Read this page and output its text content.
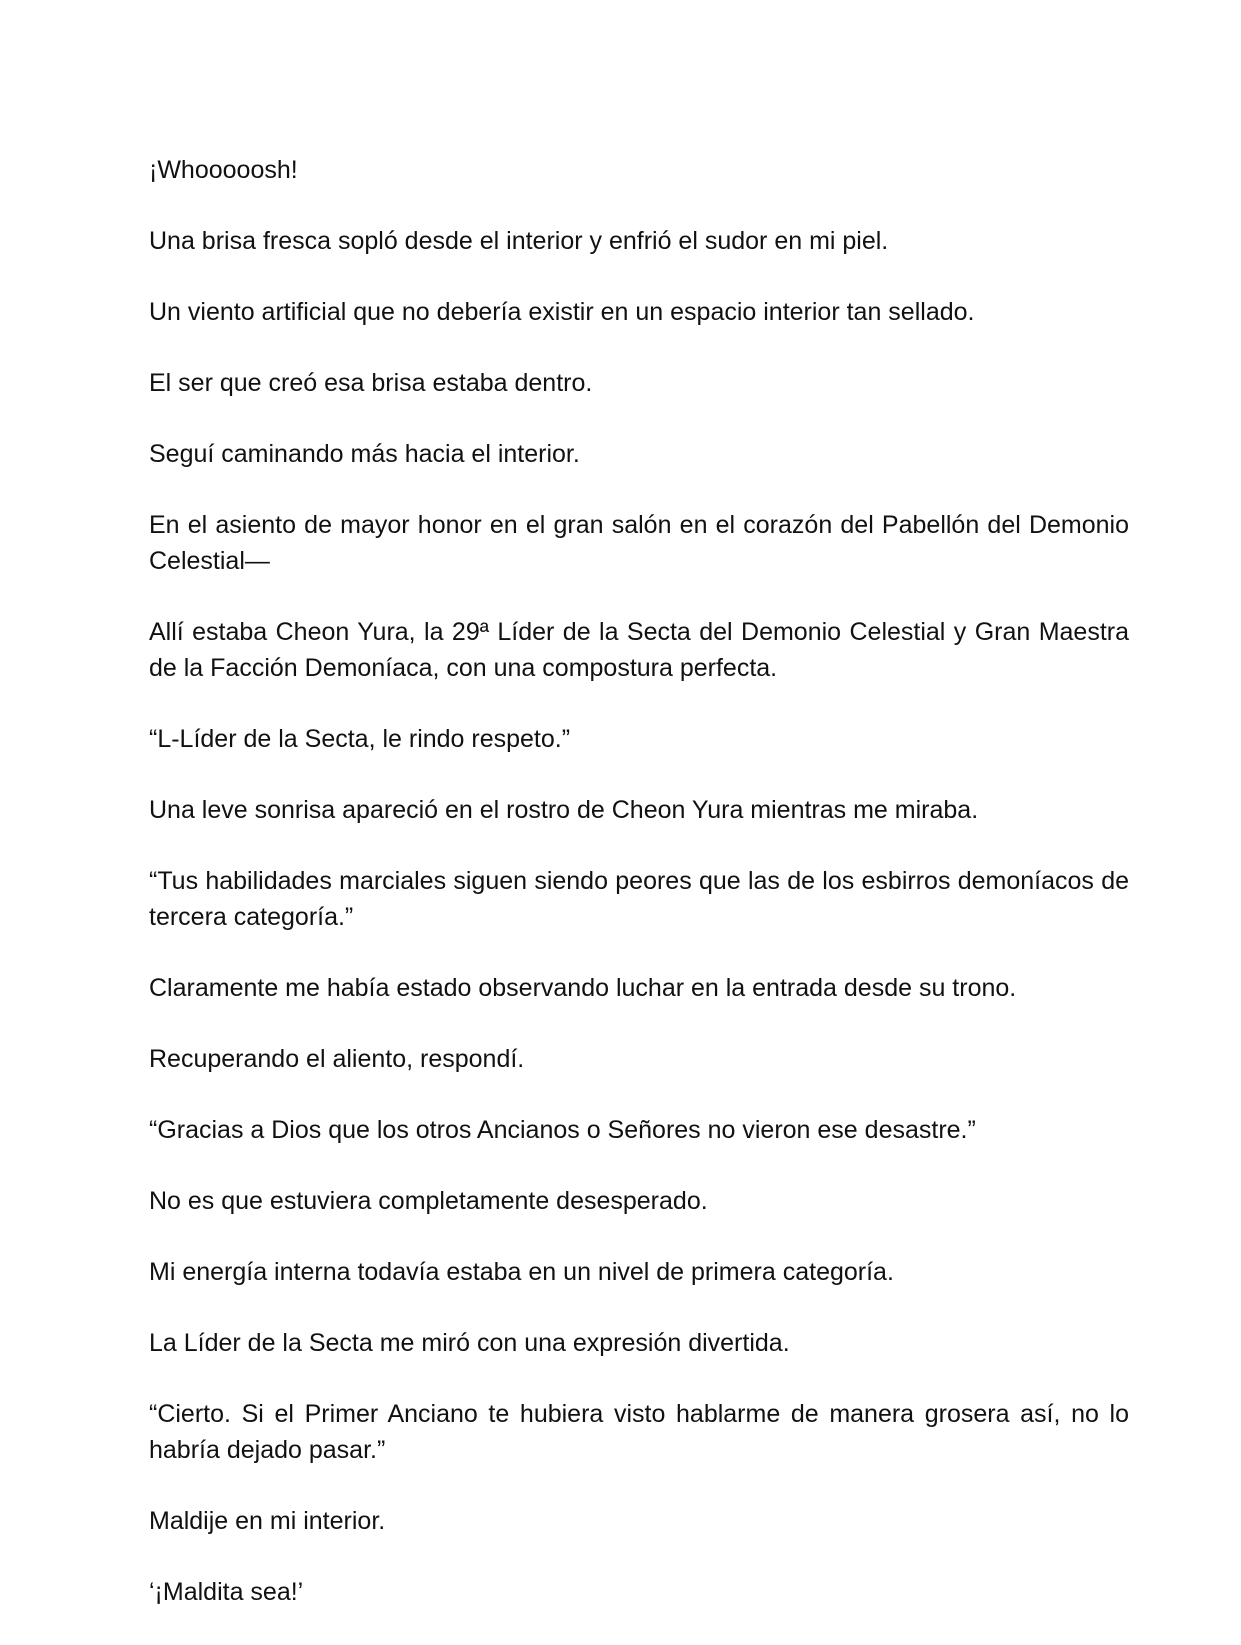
¡Whooooosh!

Una brisa fresca sopló desde el interior y enfrió el sudor en mi piel.

Un viento artificial que no debería existir en un espacio interior tan sellado.

El ser que creó esa brisa estaba dentro.

Seguí caminando más hacia el interior.

En el asiento de mayor honor en el gran salón en el corazón del Pabellón del Demonio Celestial—

Allí estaba Cheon Yura, la 29ª Líder de la Secta del Demonio Celestial y Gran Maestra de la Facción Demoníaca, con una compostura perfecta.

“L-Líder de la Secta, le rindo respeto.”

Una leve sonrisa apareció en el rostro de Cheon Yura mientras me miraba.

“Tus habilidades marciales siguen siendo peores que las de los esbirros demoníacos de tercera categoría.”

Claramente me había estado observando luchar en la entrada desde su trono.

Recuperando el aliento, respondí.

“Gracias a Dios que los otros Ancianos o Señores no vieron ese desastre.”

No es que estuviera completamente desesperado.

Mi energía interna todavía estaba en un nivel de primera categoría.

La Líder de la Secta me miró con una expresión divertida.

“Cierto. Si el Primer Anciano te hubiera visto hablarme de manera grosera así, no lo habría dejado pasar.”

Maldije en mi interior.

‘¡Maldita sea!’
